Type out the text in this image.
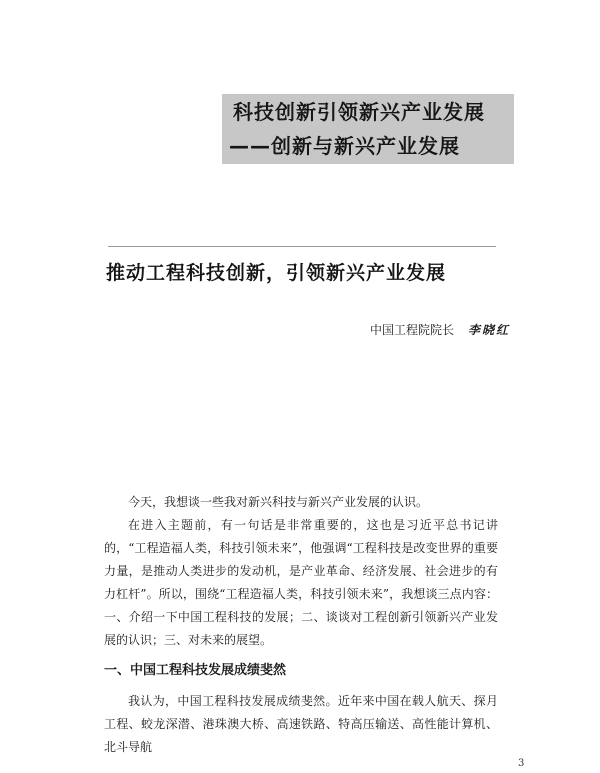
科技创新引领新兴产业发展
——创新与新兴产业发展
推动工程科技创新，引领新兴产业发展
中国工程院院长 李晓红

今天，我想谈一些我对新兴科技与新兴产业发展的认识。

在进入主题前，有一句话是非常重要的，这也是习近平总书记讲的，“工程造福人类，科技引领未来”，他强调“工程科技是改变世界的重要力量，是推动人类进步的发动机，是产业革命、经济发展、社会进步的有力杠杆”。所以，围绕“工程造福人类，科技引领未来”，我想谈三点内容：一、介绍一下中国工程科技的发展；二、谈谈对工程创新引领新兴产业发展的认识；三、对未来的展望。

一、中国工程科技发展成绩斐然

我认为，中国工程科技发展成绩斐然。近年来中国在载人航天、探月工程、蛟龙深潜、港珠澳大桥、高速铁路、特高压输送、高性能计算机、北斗导航

3
